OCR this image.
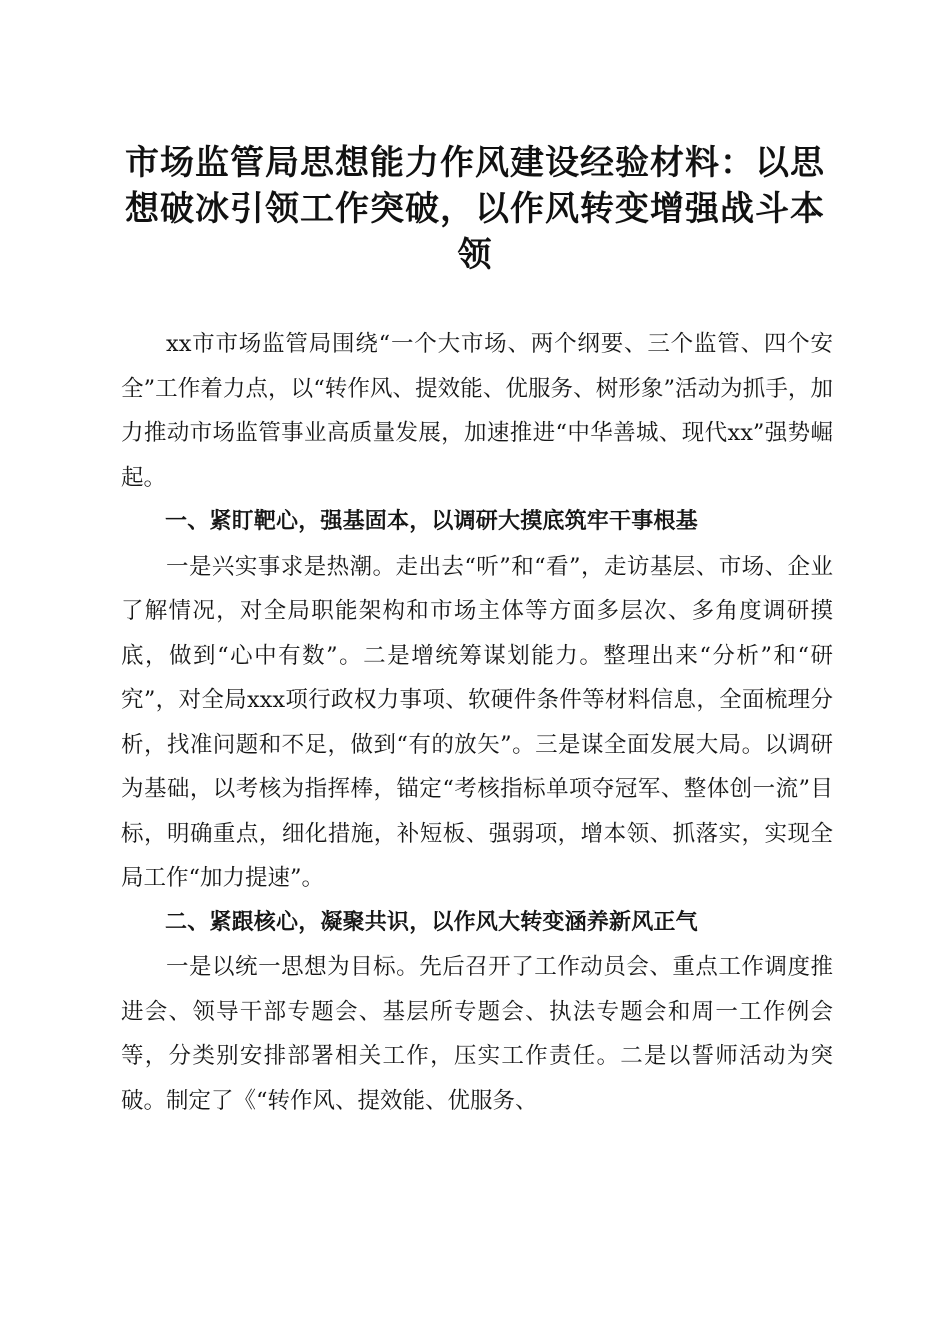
市场监管局思想能力作风建设经验材料：以思想破冰引领工作突破，以作风转变增强战斗本领

xx市市场监管局围绕“一个大市场、两个纲要、三个监管、四个安全”工作着力点，以“转作风、提效能、优服务、树形象”活动为抓手，加力推动市场监管事业高质量发展，加速推进“中华善城、现代xx”强势崛起。

一、紧盯靶心，强基固本，以调研大摸底筑牢干事根基

一是兴实事求是热潮。走出去“听”和“看”，走访基层、市场、企业了解情况，对全局职能架构和市场主体等方面多层次、多角度调研摸底，做到“心中有数”。二是增统筹谋划能力。整理出来“分析”和“研究”，对全局xxx项行政权力事项、软硬件条件等材料信息，全面梳理分析，找准问题和不足，做到“有的放矢”。三是谋全面发展大局。以调研为基础，以考核为指挥棒，锚定“考核指标单项夺冠军、整体创一流”目标，明确重点，细化措施，补短板、强弱项，增本领、抓落实，实现全局工作“加力提速”。

二、紧跟核心，凝聚共识，以作风大转变涵养新风正气

一是以统一思想为目标。先后召开了工作动员会、重点工作调度推进会、领导干部专题会、基层所专题会、执法专题会和周一工作例会等，分类别安排部署相关工作，压实工作责任。二是以誓师活动为突破。制定了《“转作风、提效能、优服务、
